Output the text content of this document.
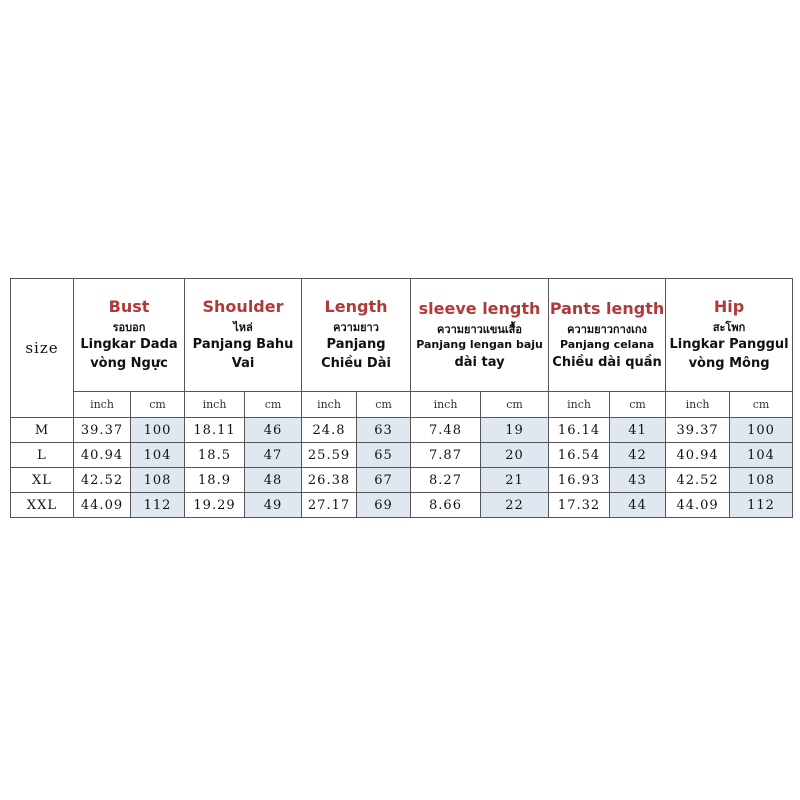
size	Bust
รอบอก
Lingkar Dada
vòng Ngực		Shoulder
ไหล่
Panjang Bahu
Vai		Length
ความยาว
Panjang
Chiều Dài		sleeve length
ความยาวแขนเสื้อ
Panjang lengan baju
dài tay		Pants length
ความยาวกางเกง
Panjang celana
Chiều dài quần		Hip
สะโพก
Lingkar Panggul
vòng Mông	

	inch	cm	inch	cm	inch	cm	inch	cm	inch	cm	inch	cm
M	39.37	100	18.11	46	24.8	63	7.48	19	16.14	41	39.37	100
L	40.94	104	18.5	47	25.59	65	7.87	20	16.54	42	40.94	104
XL	42.52	108	18.9	48	26.38	67	8.27	21	16.93	43	42.52	108
XXL	44.09	112	19.29	49	27.17	69	8.66	22	17.32	44	44.09	112
